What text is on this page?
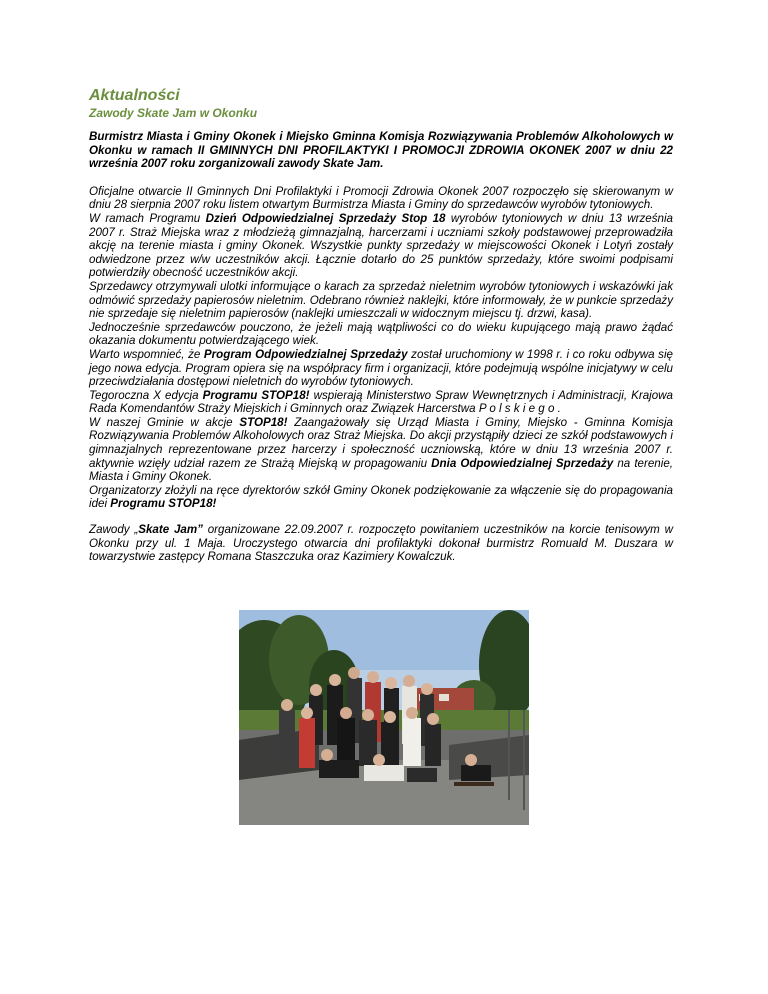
Aktualności
Zawody Skate Jam w Okonku

Burmistrz Miasta i Gminy Okonek i Miejsko Gminna Komisja Rozwiązywania Problemów Alkoholowych w Okonku w ramach II GMINNYCH DNI PROFILAKTYKI I PROMOCJI ZDROWIA OKONEK 2007 w dniu 22 września 2007 roku zorganizowali zawody Skate Jam.

Oficjalne otwarcie II Gminnych Dni Profilaktyki i Promocji Zdrowia Okonek 2007 rozpoczęło się skierowanym w dniu 28 sierpnia 2007 roku listem otwartym Burmistrza Miasta i Gminy do sprzedawców wyrobów tytoniowych.

W ramach Programu Dzień Odpowiedzialnej Sprzedaży Stop 18 wyrobów tytoniowych w dniu 13 września 2007 r. Straż Miejska wraz z młodzieżą gimnazjalną, harcerzami i uczniami szkoły podstawowej przeprowadziła akcję na terenie miasta i gminy Okonek. Wszystkie punkty sprzedaży w miejscowości Okonek i Lotyń zostały odwiedzone przez w/w uczestników akcji. Łącznie dotarło do 25 punktów sprzedaży, które swoimi podpisami potwierdziły obecność uczestników akcji.

Sprzedawcy otrzymywali ulotki informujące o karach za sprzedaż nieletnim wyrobów tytoniowych i wskazówki jak odmówić sprzedaży papierosów nieletnim. Odebrano również naklejki, które informowały, że w punkcie sprzedaży nie sprzedaje się nieletnim papierosów (naklejki umieszczali w widocznym miejscu tj. drzwi, kasa).

Jednocześnie sprzedawców pouczono, że jeżeli mają wątpliwości co do wieku kupującego mają prawo żądać okazania dokumentu potwierdzającego wiek.

Warto wspomnieć, że Program Odpowiedzialnej Sprzedaży został uruchomiony w 1998 r. i co roku odbywa się jego nowa edycja. Program opiera się na współpracy firm i organizacji, które podejmują wspólne inicjatywy w celu przeciwdziałania dostępowi nieletnich do wyrobów tytoniowych.

Tegoroczna X edycja Programu STOP18! wspierają Ministerstwo Spraw Wewnętrznych i Administracji, Krajowa Rada Komendantów Straży Miejskich i Gminnych oraz Związek Harcerstwa P o l s k i e g o .

W naszej Gminie w akcje STOP18! Zaangażowały się Urząd Miasta i Gminy, Miejsko - Gminna Komisja Rozwiązywania Problemów Alkoholowych oraz Straż Miejska. Do akcji przystąpiły dzieci ze szkół podstawowych i gimnazjalnych reprezentowane przez harcerzy i społeczność uczniowską, które w dniu 13 września 2007 r. aktywnie wzięły udział razem ze Strażą Miejską w propagowaniu Dnia Odpowiedzialnej Sprzedaży na terenie, Miasta i Gminy Okonek.

Organizatorzy złożyli na ręce dyrektorów szkół Gminy Okonek podziękowanie za włączenie się do propagowania idei Programu STOP18!

Zawody „Skate Jam” organizowane 22.09.2007 r. rozpoczęto powitaniem uczestników na korcie tenisowym w Okonku przy ul. 1 Maja. Uroczystego otwarcia dni profilaktyki dokonał burmistrz Romuald M. Duszara w towarzystwie zastępcy Romana Staszczuka oraz Kazimiery Kowalczuk.
